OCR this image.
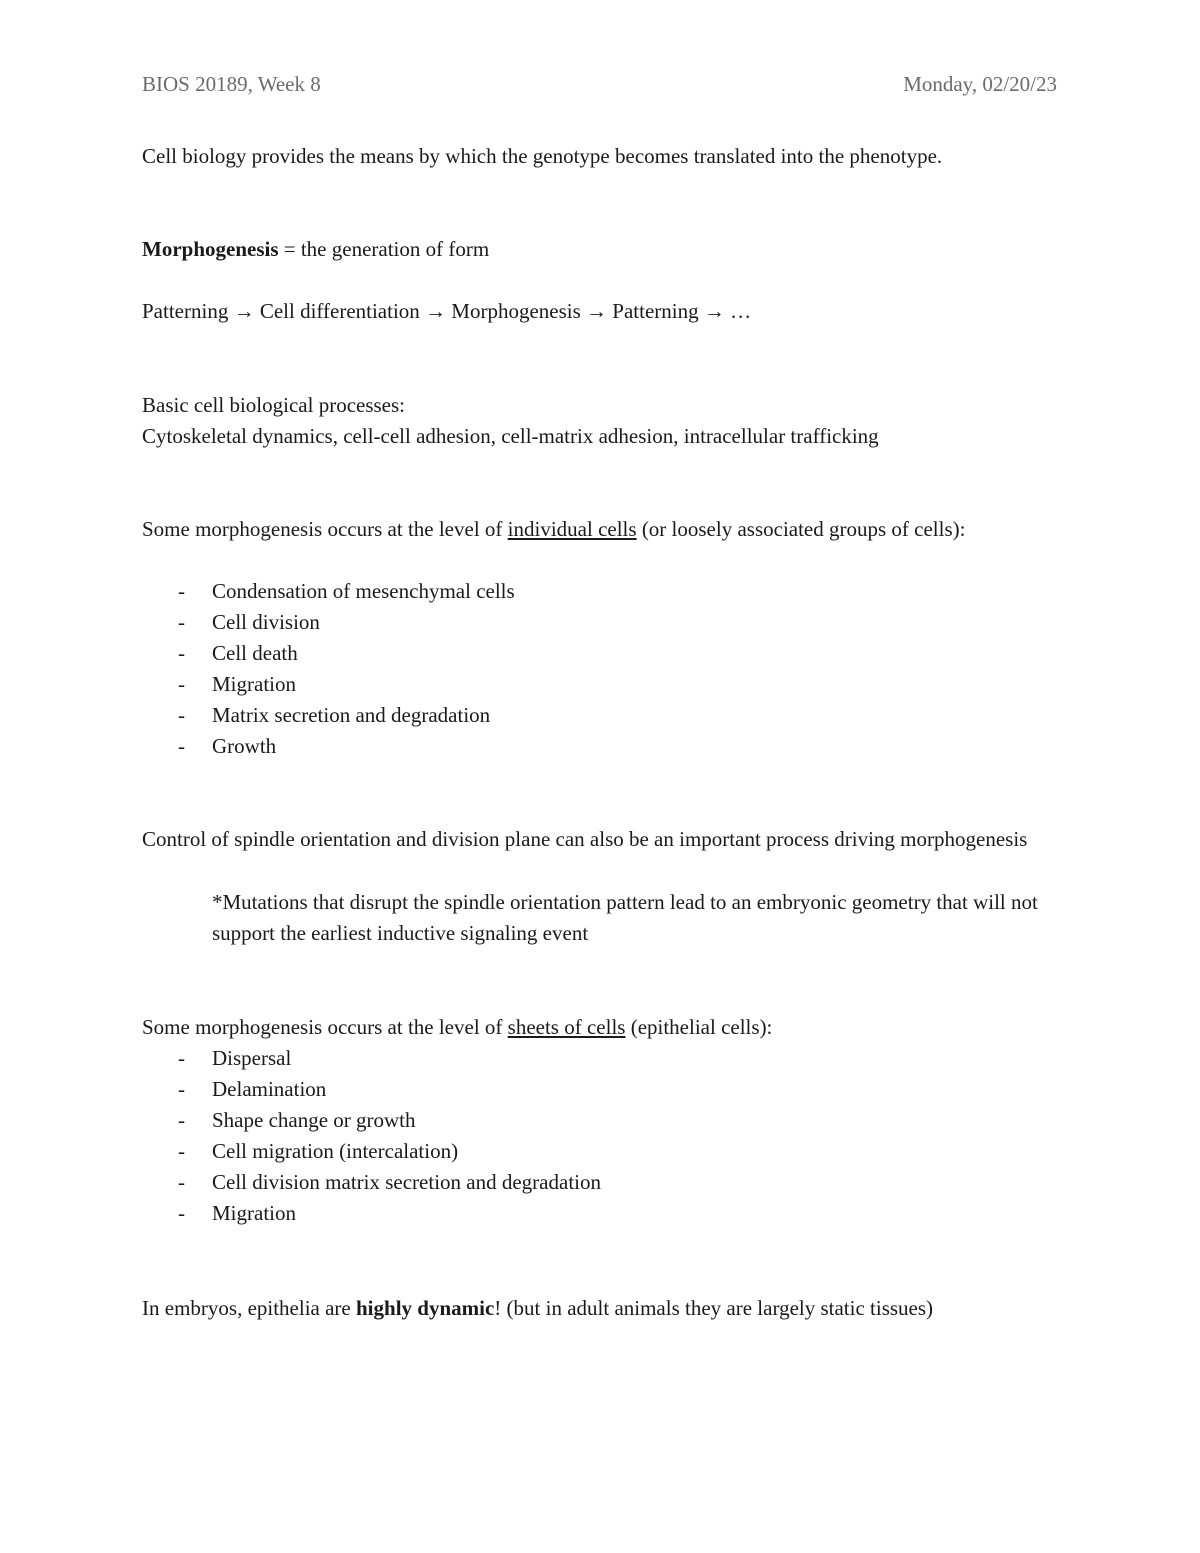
BIOS 20189, Week 8	Monday, 02/20/23
Cell biology provides the means by which the genotype becomes translated into the phenotype.
Morphogenesis = the generation of form
Patterning → Cell differentiation → Morphogenesis → Patterning → …
Basic cell biological processes:
Cytoskeletal dynamics, cell-cell adhesion, cell-matrix adhesion, intracellular trafficking
Some morphogenesis occurs at the level of individual cells (or loosely associated groups of cells):
- Condensation of mesenchymal cells
- Cell division
- Cell death
- Migration
- Matrix secretion and degradation
- Growth
Control of spindle orientation and division plane can also be an important process driving morphogenesis
*Mutations that disrupt the spindle orientation pattern lead to an embryonic geometry that will not support the earliest inductive signaling event
Some morphogenesis occurs at the level of sheets of cells (epithelial cells):
- Dispersal
- Delamination
- Shape change or growth
- Cell migration (intercalation)
- Cell division matrix secretion and degradation
- Migration
In embryos, epithelia are highly dynamic! (but in adult animals they are largely static tissues)
